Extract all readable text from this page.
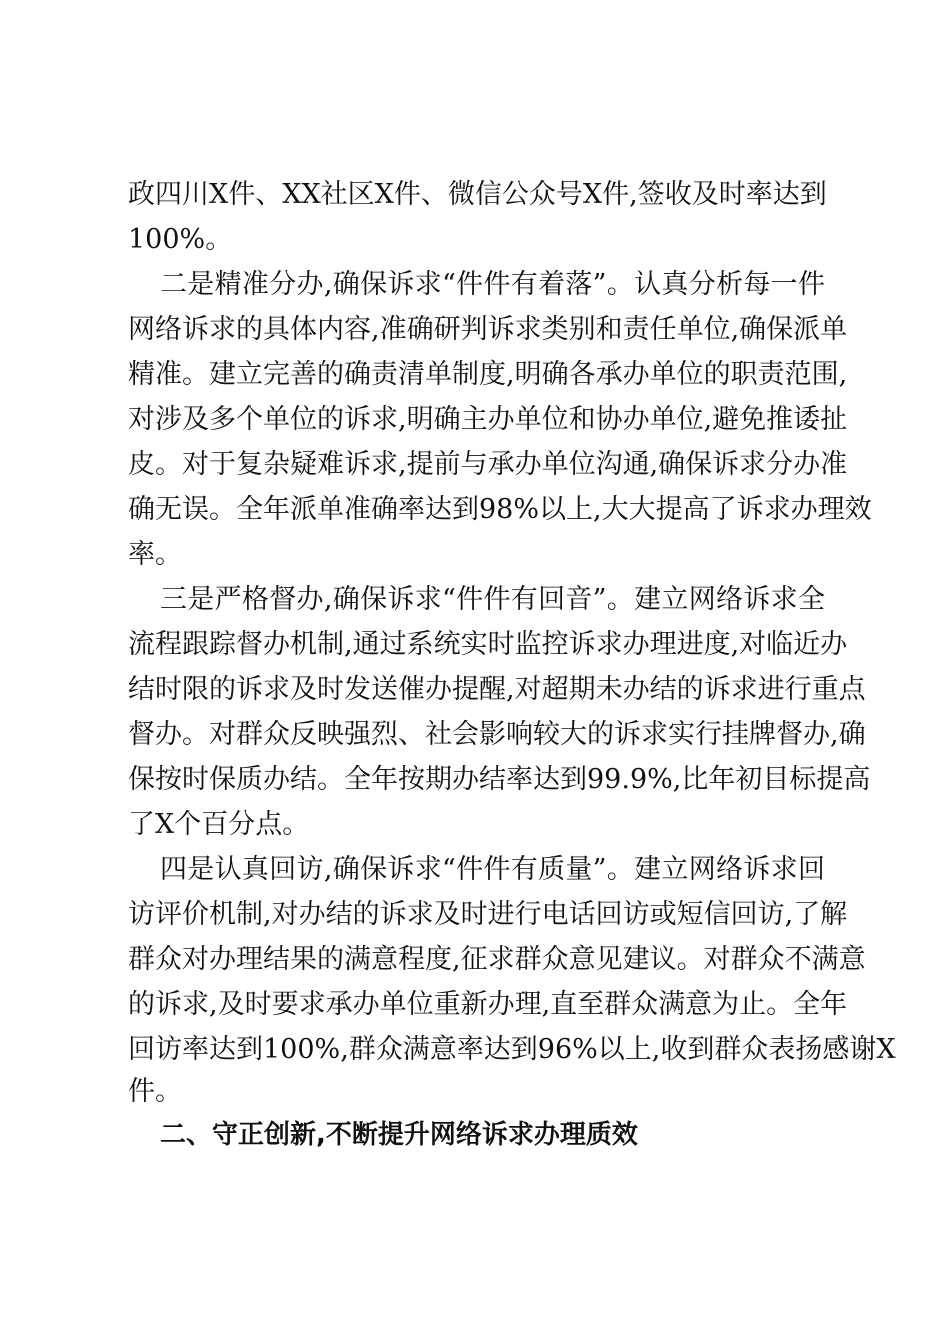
政四川X件、XX社区X件、微信公众号X件,签收及时率达到
100%。
二是精准分办,确保诉求“件件有着落”。认真分析每一件
网络诉求的具体内容,准确研判诉求类别和责任单位,确保派单
精准。建立完善的确责清单制度,明确各承办单位的职责范围,
对涉及多个单位的诉求,明确主办单位和协办单位,避免推诿扯
皮。对于复杂疑难诉求,提前与承办单位沟通,确保诉求分办准
确无误。全年派单准确率达到98%以上,大大提高了诉求办理效
率。
三是严格督办,确保诉求“件件有回音”。建立网络诉求全
流程跟踪督办机制,通过系统实时监控诉求办理进度,对临近办
结时限的诉求及时发送催办提醒,对超期未办结的诉求进行重点
督办。对群众反映强烈、社会影响较大的诉求实行挂牌督办,确
保按时保质办结。全年按期办结率达到99.9%,比年初目标提高
了X个百分点。
四是认真回访,确保诉求“件件有质量”。建立网络诉求回
访评价机制,对办结的诉求及时进行电话回访或短信回访,了解
群众对办理结果的满意程度,征求群众意见建议。对群众不满意
的诉求,及时要求承办单位重新办理,直至群众满意为止。全年
回访率达到100%,群众满意率达到96%以上,收到群众表扬感谢X
件。
二、守正创新,不断提升网络诉求办理质效
